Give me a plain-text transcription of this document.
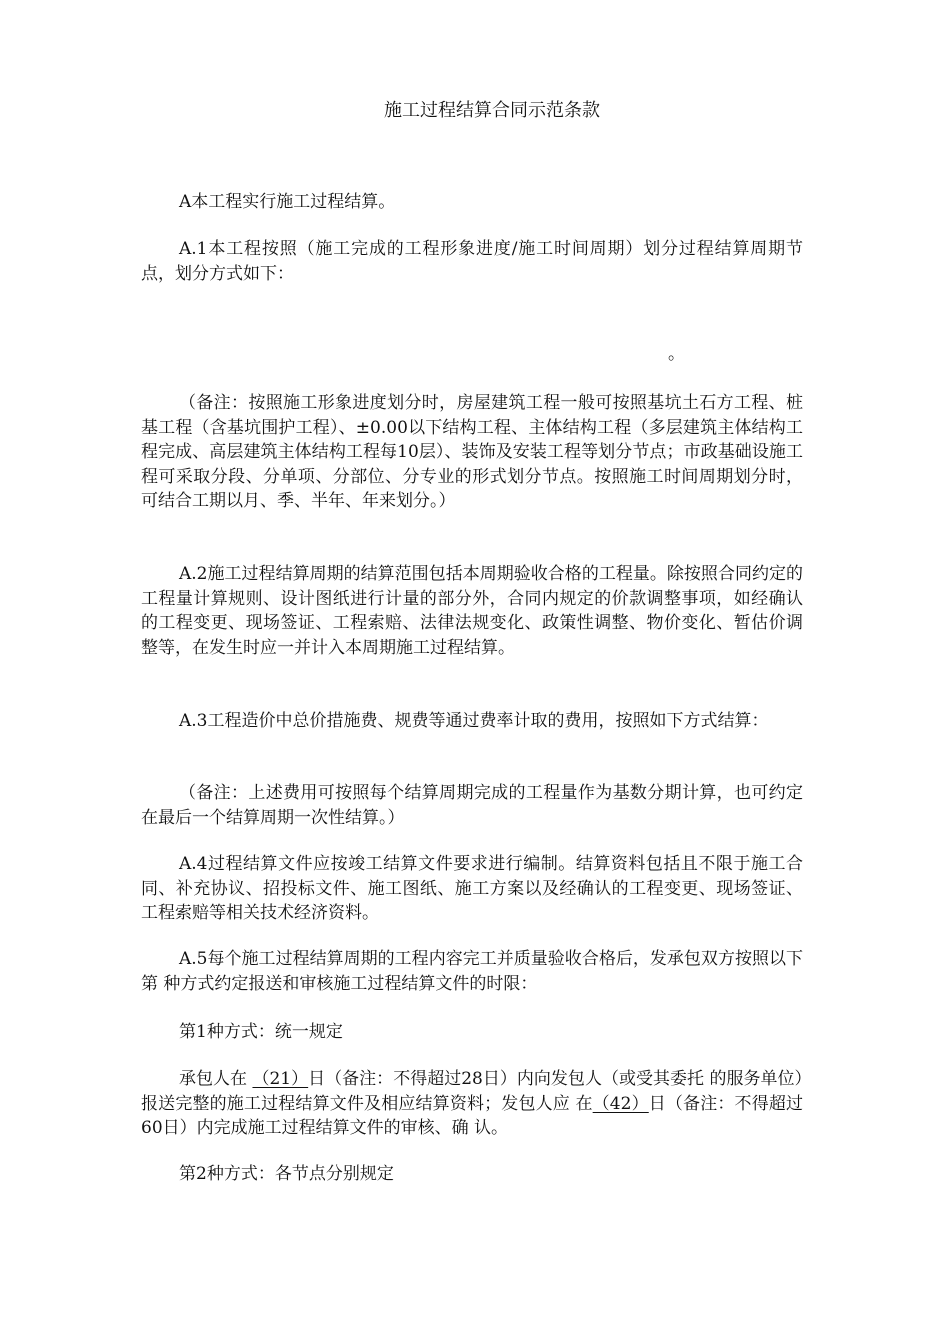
施工过程结算合同示范条款
A本工程实行施工过程结算。
A.1本工程按照（施工完成的工程形象进度/施工时间周期）划分过程结算周期节点，划分方式如下：
。
（备注：按照施工形象进度划分时，房屋建筑工程一般可按照基坑土石方工程、桩基工程（含基坑围护工程）、±0.00以下结构工程、主体结构工程（多层建筑主体结构工程完成、高层建筑主体结构工程每10层）、装饰及安装工程等划分节点；市政基础设施工程可采取分段、分单项、分部位、分专业的形式划分节点。按照施工时间周期划分时，可结合工期以月、季、半年、年来划分。）
A.2施工过程结算周期的结算范围包括本周期验收合格的工程量。除按照合同约定的工程量计算规则、设计图纸进行计量的部分外，合同内规定的价款调整事项，如经确认的工程变更、现场签证、工程索赔、法律法规变化、政策性调整、物价变化、暂估价调整等，在发生时应一并计入本周期施工过程结算。
A.3工程造价中总价措施费、规费等通过费率计取的费用，按照如下方式结算：
（备注：上述费用可按照每个结算周期完成的工程量作为基数分期计算，也可约定在最后一个结算周期一次性结算。）
A.4过程结算文件应按竣工结算文件要求进行编制。结算资料包括且不限于施工合同、补充协议、招投标文件、施工图纸、施工方案以及经确认的工程变更、现场签证、工程索赔等相关技术经济资料。
A.5每个施工过程结算周期的工程内容完工并质量验收合格后，发承包双方按照以下第 种方式约定报送和审核施工过程结算文件的时限：
第1种方式：统一规定
承包人在 （21）日（备注：不得超过28日）内向发包人（或受其委托 的服务单位）报送完整的施工过程结算文件及相应结算资料；发包人应 在（42）日（备注：不得超过60日）内完成施工过程结算文件的审核、确 认。
第2种方式：各节点分别规定
